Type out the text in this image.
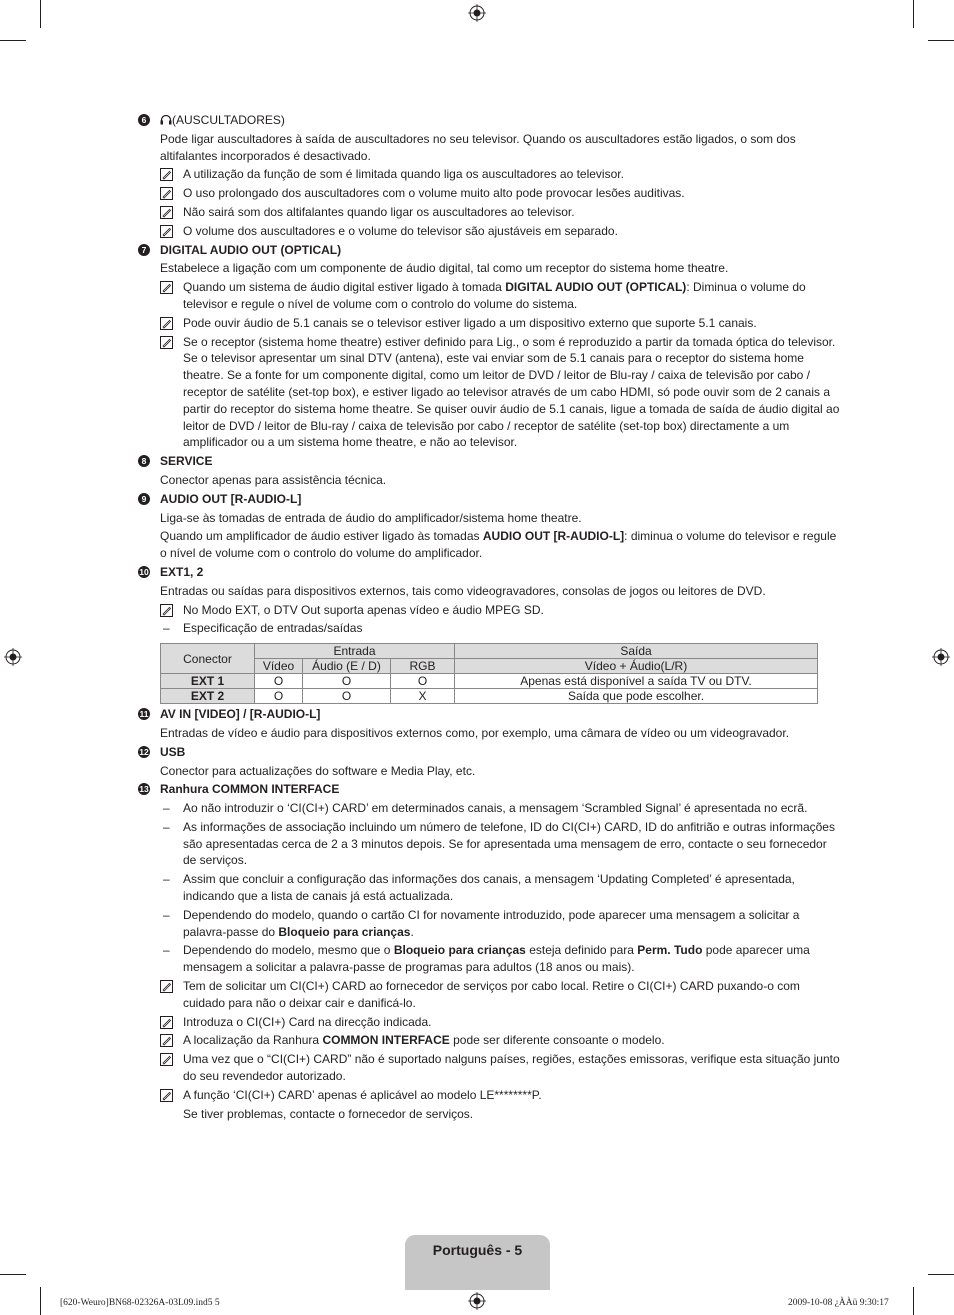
6	(AUSCULTADORES)
Pode ligar auscultadores à saída de auscultadores no seu televisor. Quando os auscultadores estão ligados, o som dos altifalantes incorporados é desactivado.
A utilização da função de som é limitada quando liga os auscultadores ao televisor.
O uso prolongado dos auscultadores com o volume muito alto pode provocar lesões auditivas.
Não sairá som dos altifalantes quando ligar os auscultadores ao televisor.
O volume dos auscultadores e o volume do televisor são ajustáveis em separado.
7	DIGITAL AUDIO OUT (OPTICAL)
Estabelece a ligação com um componente de áudio digital, tal como um receptor do sistema home theatre.
Quando um sistema de áudio digital estiver ligado à tomada DIGITAL AUDIO OUT (OPTICAL): Diminua o volume do televisor e regule o nível de volume com o controlo do volume do sistema.
Pode ouvir áudio de 5.1 canais se o televisor estiver ligado a um dispositivo externo que suporte 5.1 canais.
Se o receptor (sistema home theatre) estiver definido para Lig., o som é reproduzido a partir da tomada óptica do televisor. Se o televisor apresentar um sinal DTV (antena), este vai enviar som de 5.1 canais para o receptor do sistema home theatre. Se a fonte for um componente digital, como um leitor de DVD / leitor de Blu-ray / caixa de televisão por cabo / receptor de satélite (set-top box), e estiver ligado ao televisor através de um cabo HDMI, só pode ouvir som de 2 canais a partir do receptor do sistema home theatre. Se quiser ouvir áudio de 5.1 canais, ligue a tomada de saída de áudio digital ao leitor de DVD / leitor de Blu-ray / caixa de televisão por cabo / receptor de satélite (set-top box) directamente a um amplificador ou a um sistema home theatre, e não ao televisor.
8	SERVICE
Conector apenas para assistência técnica.
9	AUDIO OUT [R-AUDIO-L]
Liga-se às tomadas de entrada de áudio do amplificador/sistema home theatre.
Quando um amplificador de áudio estiver ligado às tomadas AUDIO OUT [R-AUDIO-L]: diminua o volume do televisor e regule o nível de volume com o controlo do volume do amplificador.
10 EXT1, 2
Entradas ou saídas para dispositivos externos, tais como videogravadores, consolas de jogos ou leitores de DVD.
No Modo EXT, o DTV Out suporta apenas vídeo e áudio MPEG SD.
– Especificação de entradas/saídas
Conector	Entrada			Saída
	Vídeo	Áudio (E / D)	RGB	Vídeo + Áudio(L/R)
EXT 1	O	O	O	Apenas está disponível a saída TV ou DTV.
EXT 2	O	O	X	Saída que pode escolher.
11 AV IN [VIDEO] / [R-AUDIO-L]
Entradas de vídeo e áudio para dispositivos externos como, por exemplo, uma câmara de vídeo ou um videogravador.
12 USB
Conector para actualizações do software e Media Play, etc.
13 Ranhura COMMON INTERFACE
– Ao não introduzir o ‘CI(CI+) CARD’ em determinados canais, a mensagem ‘Scrambled Signal’ é apresentada no ecrã.
– As informações de associação incluindo um número de telefone, ID do CI(CI+) CARD, ID do anfitrião e outras informações são apresentadas cerca de 2 a 3 minutos depois. Se for apresentada uma mensagem de erro, contacte o seu fornecedor de serviços.
– Assim que concluir a configuração das informações dos canais, a mensagem ‘Updating Completed’ é apresentada, indicando que a lista de canais já está actualizada.
– Dependendo do modelo, quando o cartão CI for novamente introduzido, pode aparecer uma mensagem a solicitar a palavra-passe do Bloqueio para crianças.
– Dependendo do modelo, mesmo que o Bloqueio para crianças esteja definido para Perm. Tudo pode aparecer uma mensagem a solicitar a palavra-passe de programas para adultos (18 anos ou mais).
Tem de solicitar um CI(CI+) CARD ao fornecedor de serviços por cabo local. Retire o CI(CI+) CARD puxando-o com cuidado para não o deixar cair e danificá-lo.
Introduza o CI(CI+) Card na direcção indicada.
A localização da Ranhura COMMON INTERFACE pode ser diferente consoante o modelo.
Uma vez que o “CI(CI+) CARD” não é suportado nalguns países, regiões, estações emissoras, verifique esta situação junto do seu revendedor autorizado.
A função ‘CI(CI+) CARD’ apenas é aplicável ao modelo LE********P.
Se tiver problemas, contacte o fornecedor de serviços.
Português - 5
[620-Weuro]BN68-02326A-03L09.ind5 5	2009-10-08 ¿ÀÀü 9:30:17
